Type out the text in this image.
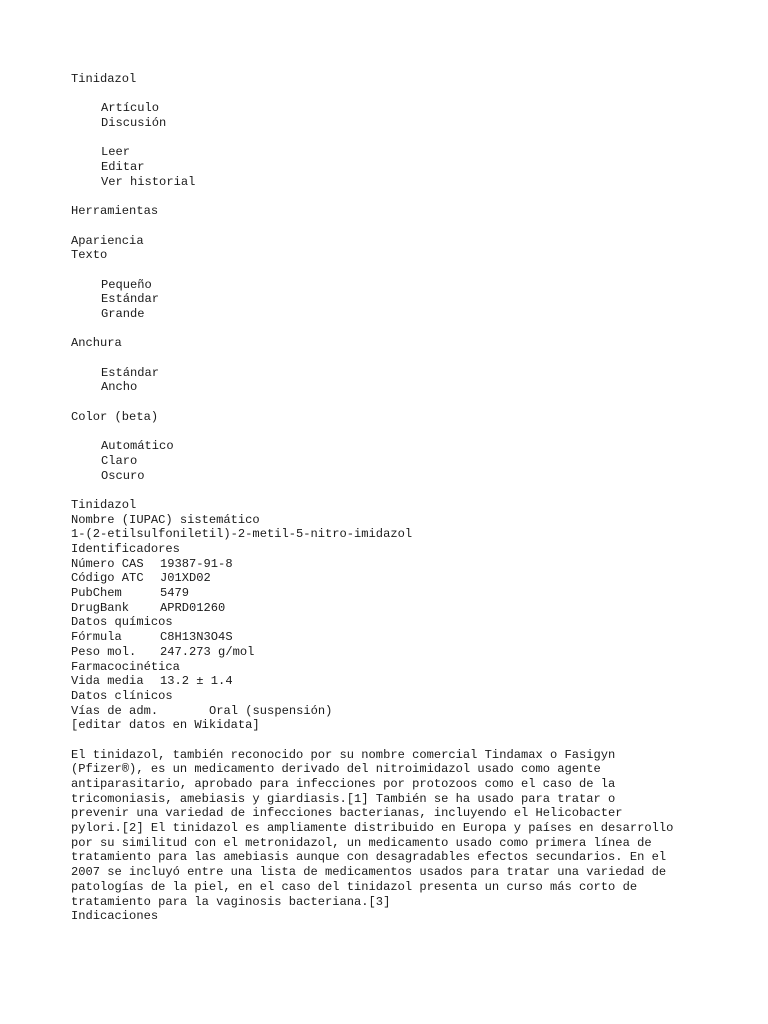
Tinidazol
Artículo
Discusión
Leer
Editar
Ver historial
Herramientas
Apariencia
Texto
Pequeño
Estándar
Grande
Anchura
Estándar
Ancho
Color (beta)
Automático
Claro
Oscuro
Tinidazol
Nombre (IUPAC) sistemático
1-(2-etilsulfoniletil)-2-metil-5-nitro-imidazol
Identificadores
Número CAS 19387-91-8
Código ATC J01XD02
PubChem	5479
DrugBank	APRD01260
Datos químicos
Fórmula	C8H13N3O4S
Peso mol. 247.273 g/mol
Farmacocinética
Vida media 13.2 ± 1.4
Datos clínicos
Vías de adm.	Oral (suspensión)
[editar datos en Wikidata]
El tinidazol, también reconocido por su nombre comercial Tindamax o Fasigyn
(Pfizer®), es un medicamento derivado del nitroimidazol usado como agente
antiparasitario, aprobado para infecciones por protozoos como el caso de la
tricomoniasis, amebiasis y giardiasis.[1] También se ha usado para tratar o
prevenir una variedad de infecciones bacterianas, incluyendo el Helicobacter
pylori.[2] El tinidazol es ampliamente distribuido en Europa y países en desarrollo
por su similitud con el metronidazol, un medicamento usado como primera línea de
tratamiento para las amebiasis aunque con desagradables efectos secundarios. En el
2007 se incluyó entre una lista de medicamentos usados para tratar una variedad de
patologías de la piel, en el caso del tinidazol presenta un curso más corto de
tratamiento para la vaginosis bacteriana.[3]
Indicaciones
